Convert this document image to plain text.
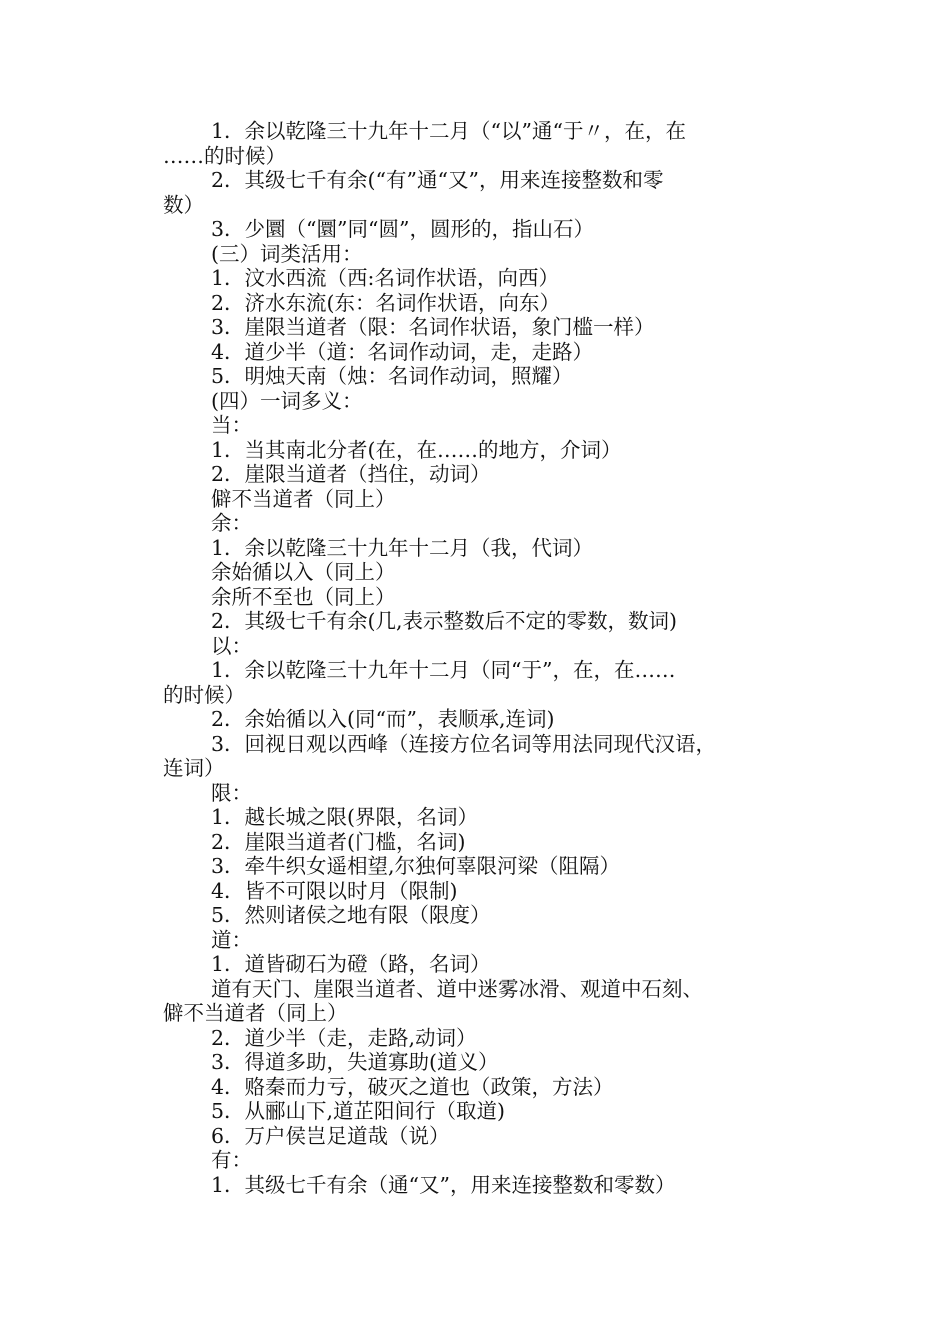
1．余以乾隆三十九年十二月（“以”通“于〃，在，在
……的时候）
2．其级七千有余(“有”通“又”，用来连接整数和零
数）
3．少圜（“圜”同“圆”，圆形的，指山石）
(三）词类活用：
1．汶水西流（西:名词作状语，向西）
2．济水东流(东：名词作状语，向东）
3．崖限当道者（限：名词作状语，象门槛一样）
4．道少半（道：名词作动词，走，走路）
5．明烛天南（烛：名词作动词，照耀）
(四）一词多义：
当：
1．当其南北分者(在，在……的地方，介词）
2．崖限当道者（挡住，动词）
僻不当道者（同上）
余：
1．余以乾隆三十九年十二月（我，代词）
余始循以入（同上）
余所不至也（同上）
2．其级七千有余(几,表示整数后不定的零数，数词)
以：
1．余以乾隆三十九年十二月（同“于”，在，在……
的时候）
2．余始循以入(同“而”，表顺承,连词)
3．回视日观以西峰（连接方位名词等用法同现代汉语，
连词）
限：
1．越长城之限(界限，名词）
2．崖限当道者(门槛，名词)
3．牵牛织女遥相望,尔独何辜限河梁（阻隔）
4．皆不可限以时月（限制)
5．然则诸侯之地有限（限度）
道：
1．道皆砌石为磴（路，名词）
道有天门、崖限当道者、道中迷雾冰滑、观道中石刻、
僻不当道者（同上）
2．道少半（走，走路,动词）
3．得道多助，失道寡助(道义）
4．赂秦而力亏，破灭之道也（政策，方法）
5．从郦山下,道芷阳间行（取道)
6．万户侯岂足道哉（说）
有：
1．其级七千有余（通“又”，用来连接整数和零数）
